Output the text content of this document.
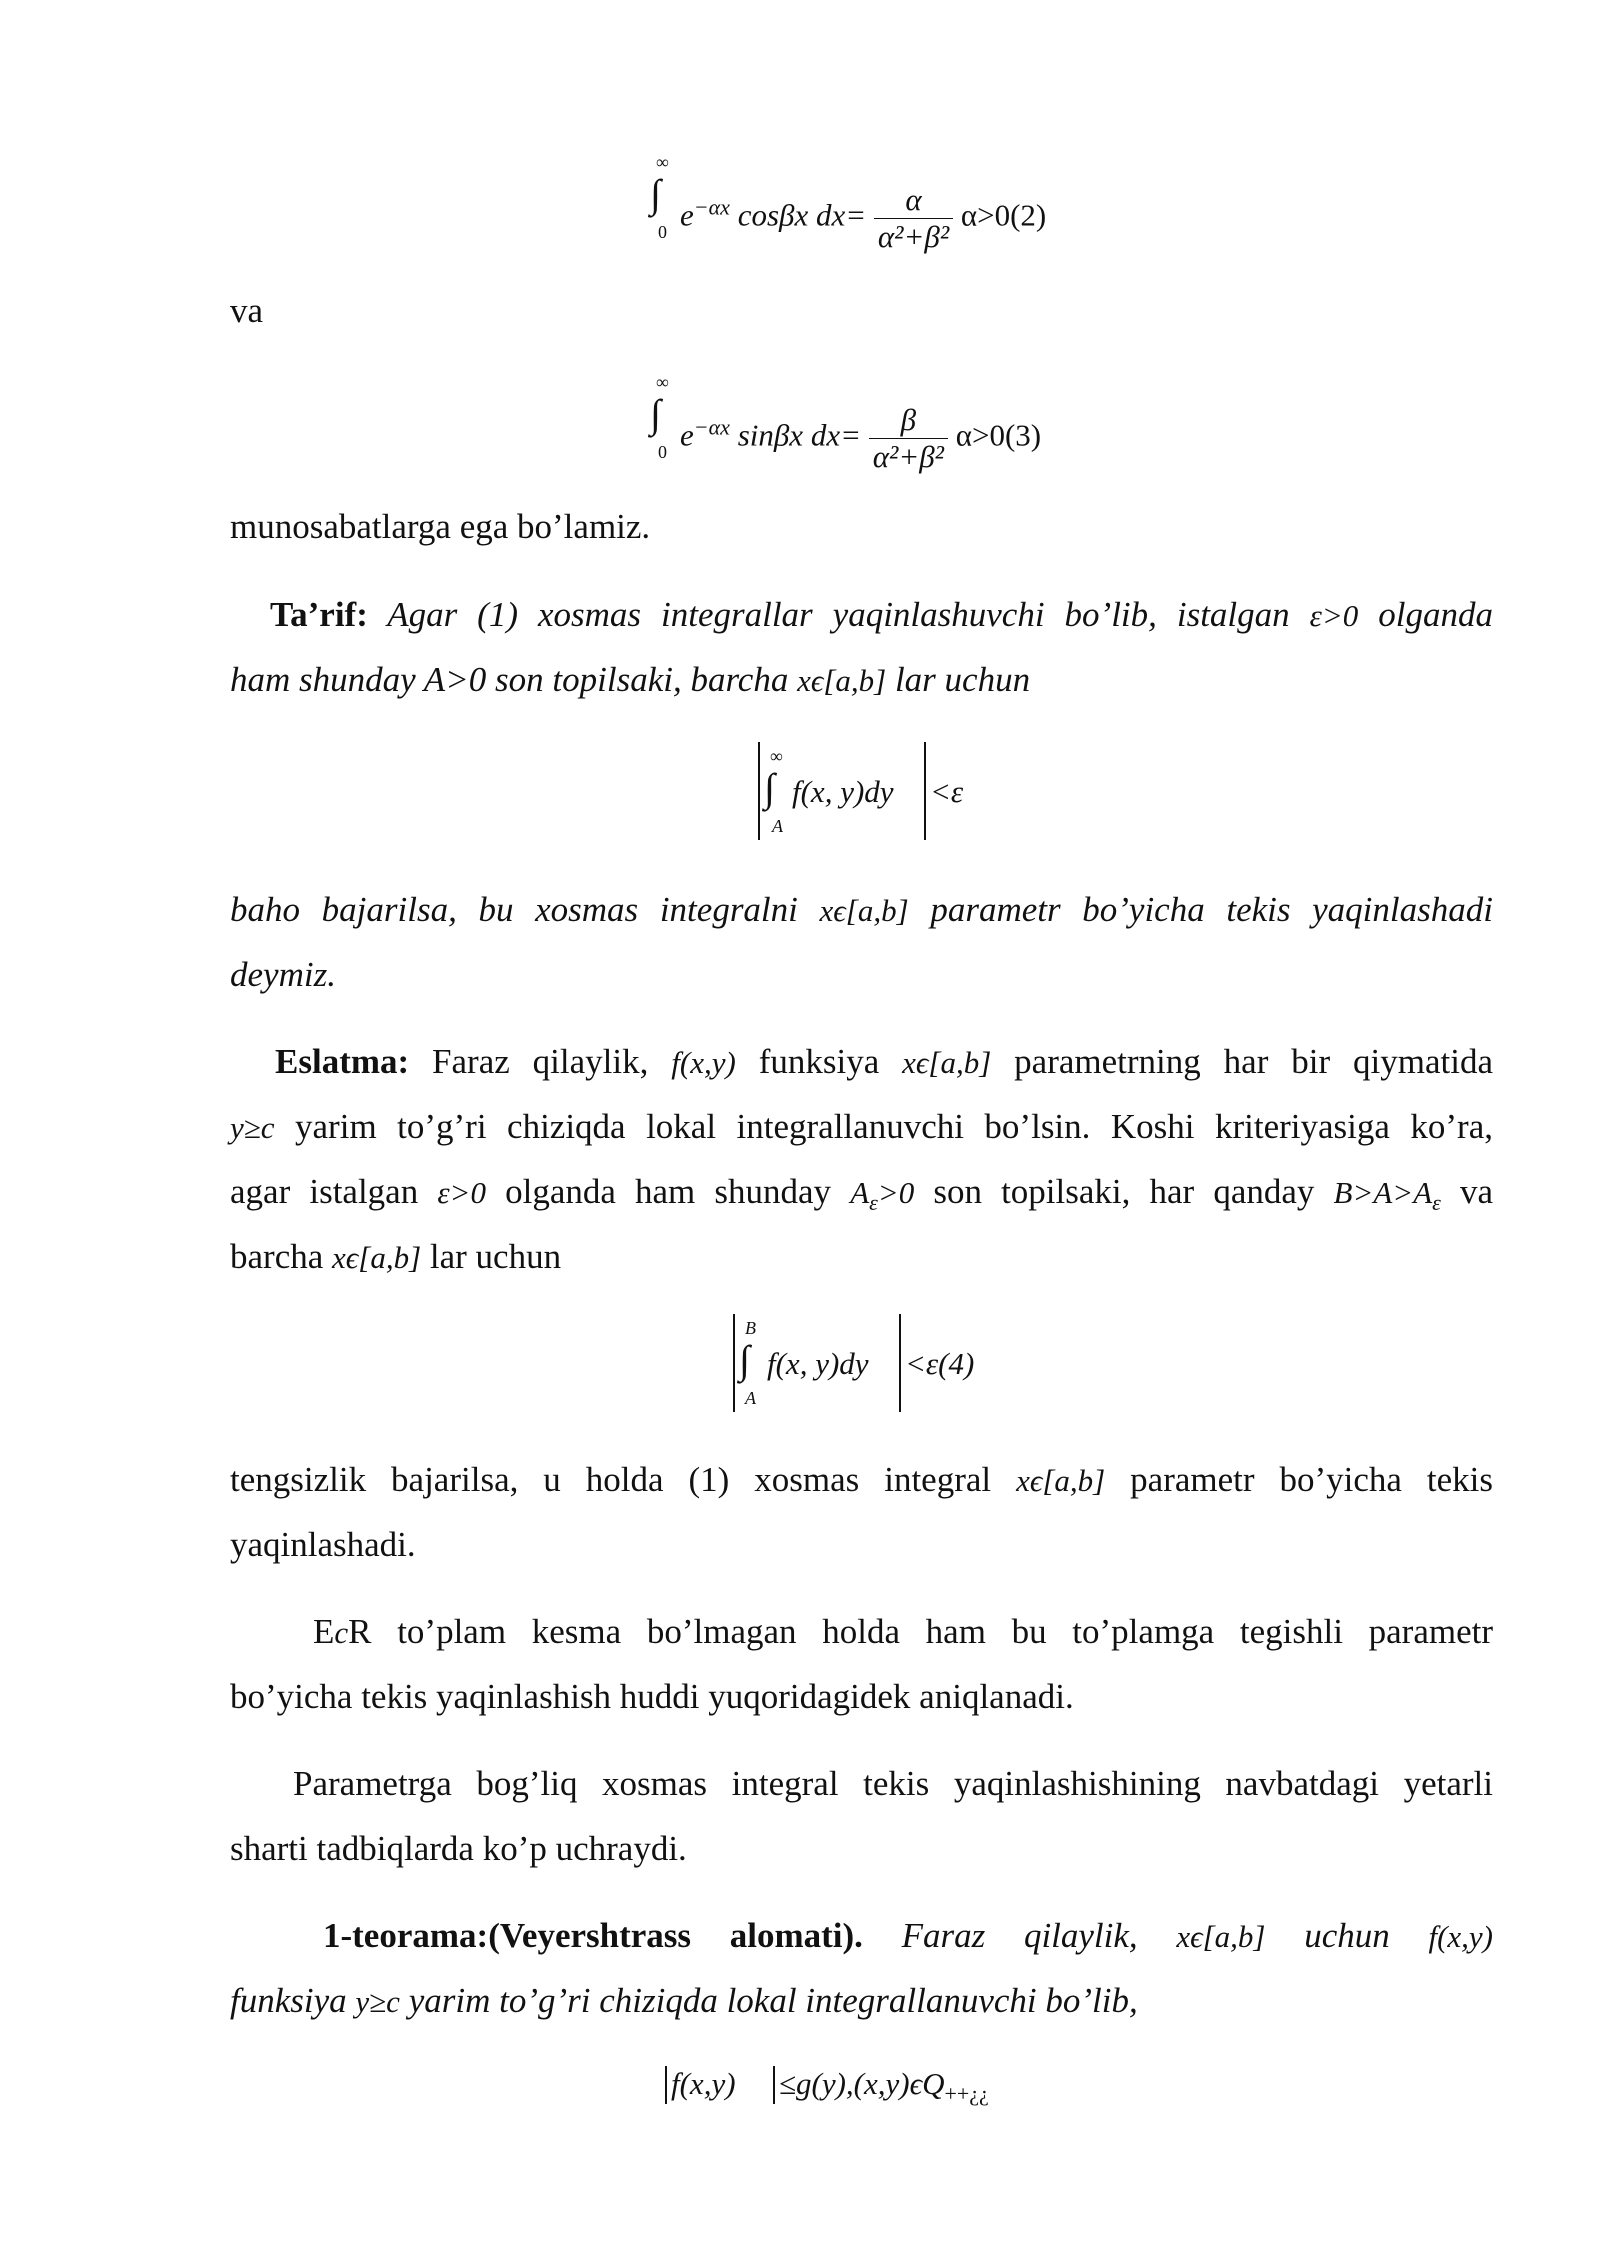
∞
∫
0 $e^{-\alpha x}$ cosβx $dx= \frac{\alpha}{\text{α²+β²}} \alpha>0(2)$
va
∞
∫
0 $e^{-\alpha x}$ sinβx $dx= \frac{\beta}{\text{α²+β²}} \alpha>0(3)$
munosabatlarga ega bo’lamiz.
Ta’rif: Agar (1) xosmas integrallar yaqinlashuvchi bo’lib, istalgan ε>0 olganda
ham shunday A>0 son topilsaki, barcha xϵ[a,b] lar uchun
∞
∫
A
f(x, y)dy <ε
baho bajarilsa, bu xosmas integralni xϵ[a,b] parametr bo’yicha tekis yaqinlashadi
deymiz.
Eslatma: Faraz qilaylik, f(x,y) funksiya xϵ[a,b] parametrning har bir qiymatida
y≥c yarim to’g’ri chiziqda lokal integrallanuvchi bo’lsin. Koshi kriteriyasiga ko’ra,
agar istalgan ε>0 olganda ham shunday $A_\varepsilon>0$ son topilsaki, har qanday $B>A>A_\varepsilon$ va
barcha xϵ[a,b] lar uchun
B
∫
A
f(x, y)dy <ε(4)
tengsizlik bajarilsa, u holda (1) xosmas integral xϵ[a,b] parametr bo’yicha tekis
yaqinlashadi.
EcR to’plam kesma bo’lmagan holda ham bu to’plamga tegishli parametr
bo’yicha tekis yaqinlashish huddi yuqoridagidek aniqlanadi.
Parametrga bog’liq xosmas integral tekis yaqinlashishining navbatdagi yetarli
sharti tadbiqlarda ko’p uchraydi.
1-teorama:(Veyershtrass alomati). Faraz qilaylik, xϵ[a,b] uchun f(x,y)
funksiya y≥c yarim to’g’ri chiziqda lokal integrallanuvchi bo’lib,
$f(x,y) \le g(y),(x,y)\epsilon Q_{++¿¿}$
